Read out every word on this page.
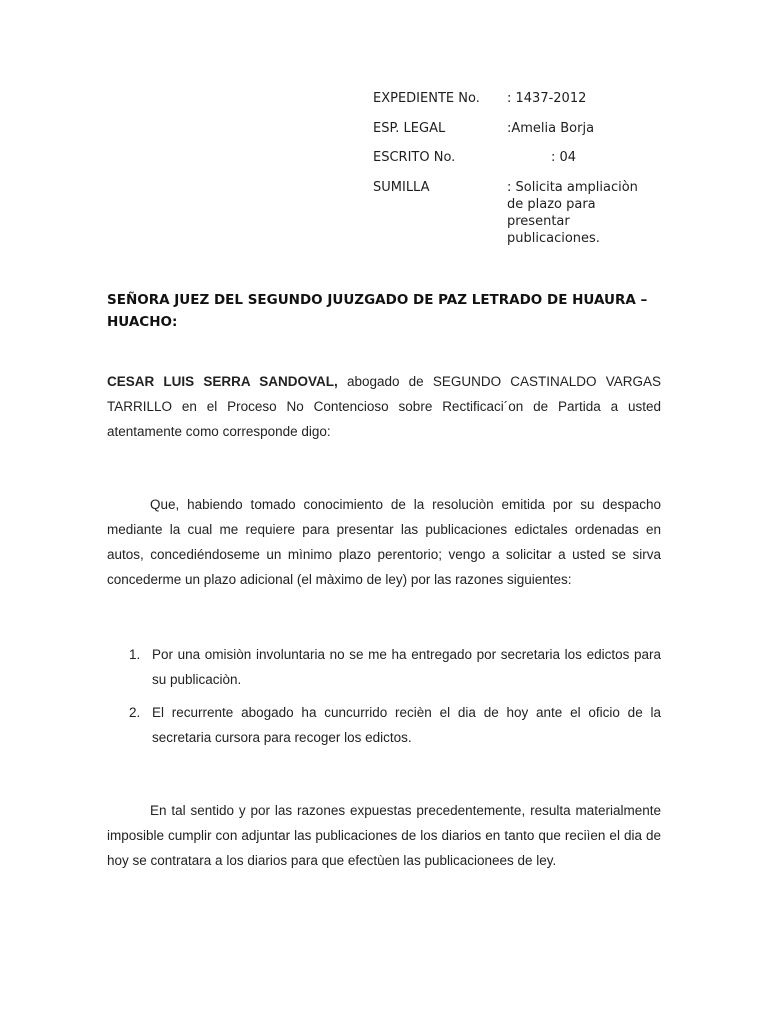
EXPEDIENTE No. : 1437-2012
ESP. LEGAL	:Amelia Borja
ESCRITO No.	: 04
SUMILLA	: Solicita ampliaciòn de plazo para presentar publicaciones.
SEÑORA JUEZ DEL SEGUNDO JUUZGADO DE PAZ LETRADO DE HUAURA – HUACHO:

CESAR LUIS SERRA SANDOVAL, abogado de SEGUNDO CASTINALDO VARGAS TARRILLO en el Proceso No Contencioso sobre Rectificaci´on de Partida a usted atentamente como corresponde digo:

Que, habiendo tomado conocimiento de la resoluciòn emitida por su despacho mediante la cual me requiere para presentar las publicaciones edictales ordenadas en autos, concediéndoseme un mìnimo plazo perentorio; vengo a solicitar a usted se sirva concederme un plazo adicional (el màximo de ley) por las razones siguientes:

1. Por una omisiòn involuntaria no se me ha entregado por secretaria los edictos para su publicaciòn.
2. El recurrente abogado ha cuncurrido recièn el dia de hoy ante el oficio de la secretaria cursora para recoger los edictos.

En tal sentido y por las razones expuestas precedentemente, resulta materialmente imposible cumplir con adjuntar las publicaciones de los diarios en tanto que reciìen el dia de hoy se contratara a los diarios para que efectùen las publicacionees de ley.
